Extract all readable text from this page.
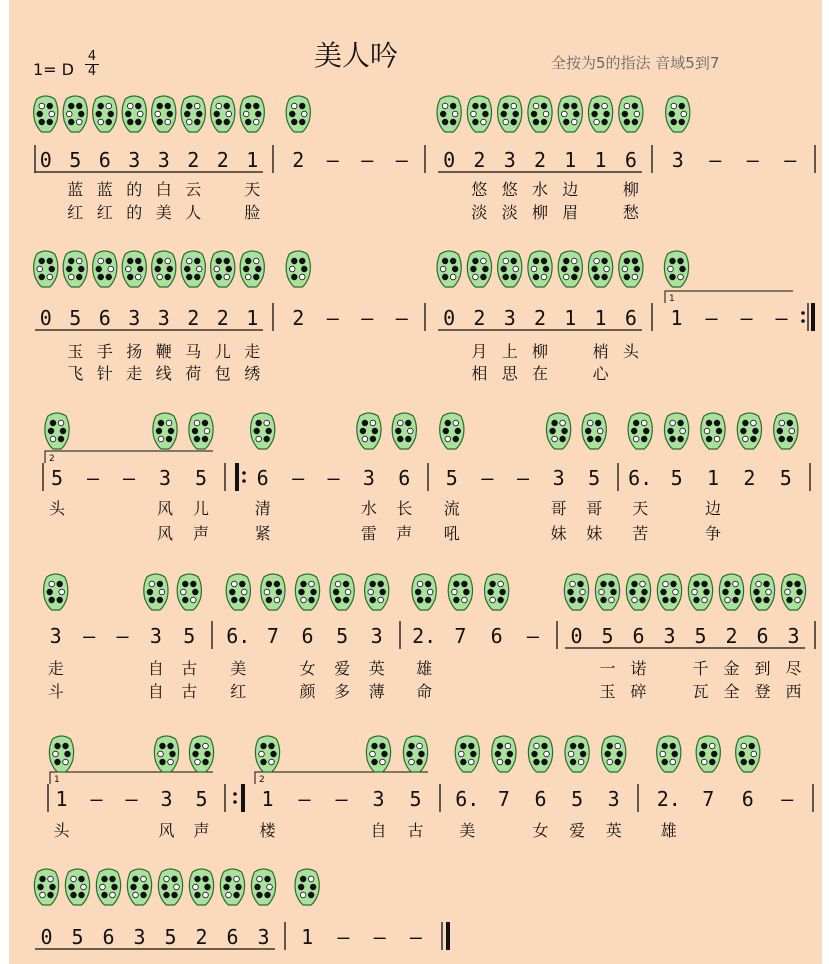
美人吟
1= D
4
4	全按为5的指法 音域5到7
0 5
蓝
红
6
蓝
红
3
的
的
3
白
美
2
云
人
2 1
天
脸
2 — — — 0 2
悠
淡
3
悠
淡
2
水
柳
1
边
眉
1 6
柳
愁
3 — — —
0 5
玉
飞
6
手
针
3
扬
走
3
鞭
线
2
马
荷
2
儿
包
1
走
绣
2 — — — 0 2
月
相
3
上
思
2
柳
在
1 1
梢
心
6
头
1
1 — — —
2
5
头
— — 3
风
风
5
儿
声
6
清
紧
— — 3
水
雷
6
长
声
5
流
吼
— — 3
哥
妹
5
哥
妹
6.
天
苦
5 1
边
争
2 5
3
走
斗
— — 3
自
自
5
古
古
6.
美
红
7 6
女
颜
5
爱
多
3
英
薄
2.
雄
命
7 6 — 0 5
一
玉
6
诺
碎
3 5
千
瓦
2
金
全
6
到
登
3
尽
西
1
1
头
— — 3
风
5
声
2
1
楼
— — 3
自
5
古
6.
美
7 6
女
5
爱
3
英
2.
雄
7 6 —
0 5 6 3 5 2 6 3 1 — — —
